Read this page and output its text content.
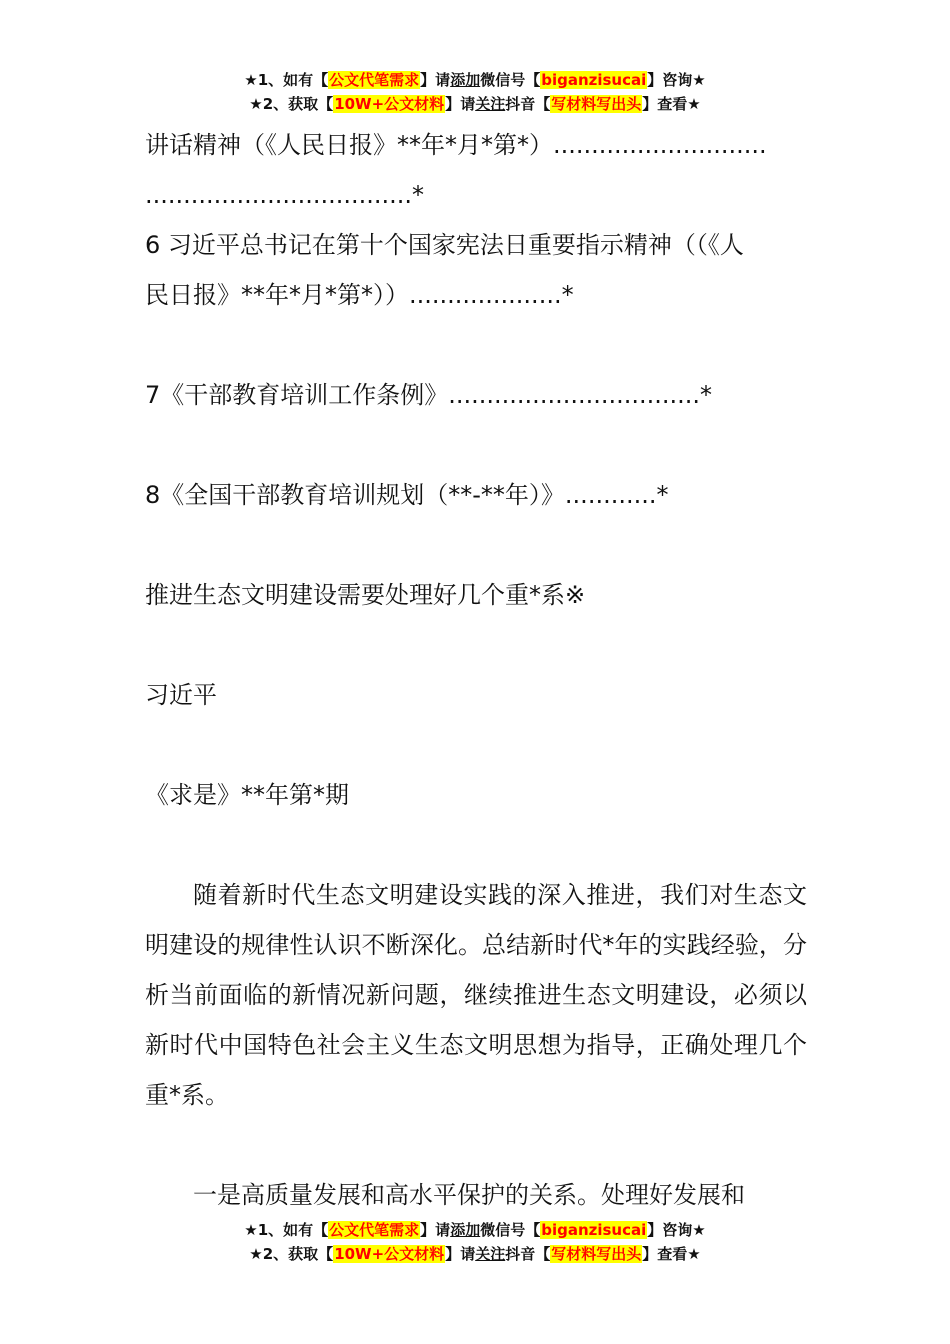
★1、如有【公文代笔需求】请添加微信号【biganzisucai】咨询★
★2、获取【10W+公文材料】请关注抖音【写材料写出头】查看★
讲话精神（《人民日报》**年*月*第*）............................
...................................*
6 习近平总书记在第十个国家宪法日重要指示精神（（《人
民日报》**年*月*第*））....................*
7《干部教育培训工作条例》.................................*
8《全国干部教育培训规划（**-**年）》............*
推进生态文明建设需要处理好几个重*系※
习近平
《求是》**年第*期
随着新时代生态文明建设实践的深入推进，我们对生态文明建设的规律性认识不断深化。总结新时代*年的实践经验，分析当前面临的新情况新问题，继续推进生态文明建设，必须以新时代中国特色社会主义生态文明思想为指导，正确处理几个重*系。
一是高质量发展和高水平保护的关系。处理好发展和
★1、如有【公文代笔需求】请添加微信号【biganzisucai】咨询★
★2、获取【10W+公文材料】请关注抖音【写材料写出头】查看★
